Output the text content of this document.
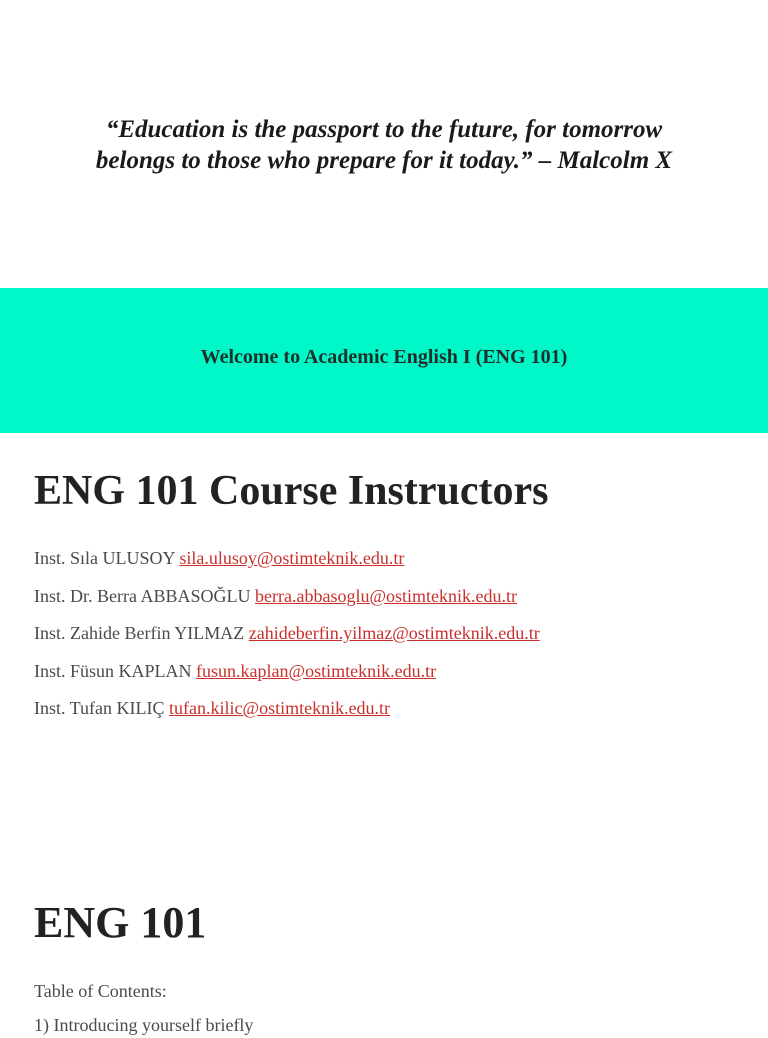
“Education is the passport to the future, for tomorrow
belongs to those who prepare for it today.” – Malcolm X

Welcome to Academic English I (ENG 101)

ENG 101 Course Instructors
Inst. Sıla ULUSOY sila.ulusoy@ostimteknik.edu.tr
Inst. Dr. Berra ABBASOĞLU berra.abbasoglu@ostimteknik.edu.tr
Inst. Zahide Berfin YILMAZ zahideberfin.yilmaz@ostimteknik.edu.tr
Inst. Füsun KAPLAN fusun.kaplan@ostimteknik.edu.tr
Inst. Tufan KILIÇ tufan.kilic@ostimteknik.edu.tr
ENG 101

Table of Contents:

1) Introducing yourself briefly
